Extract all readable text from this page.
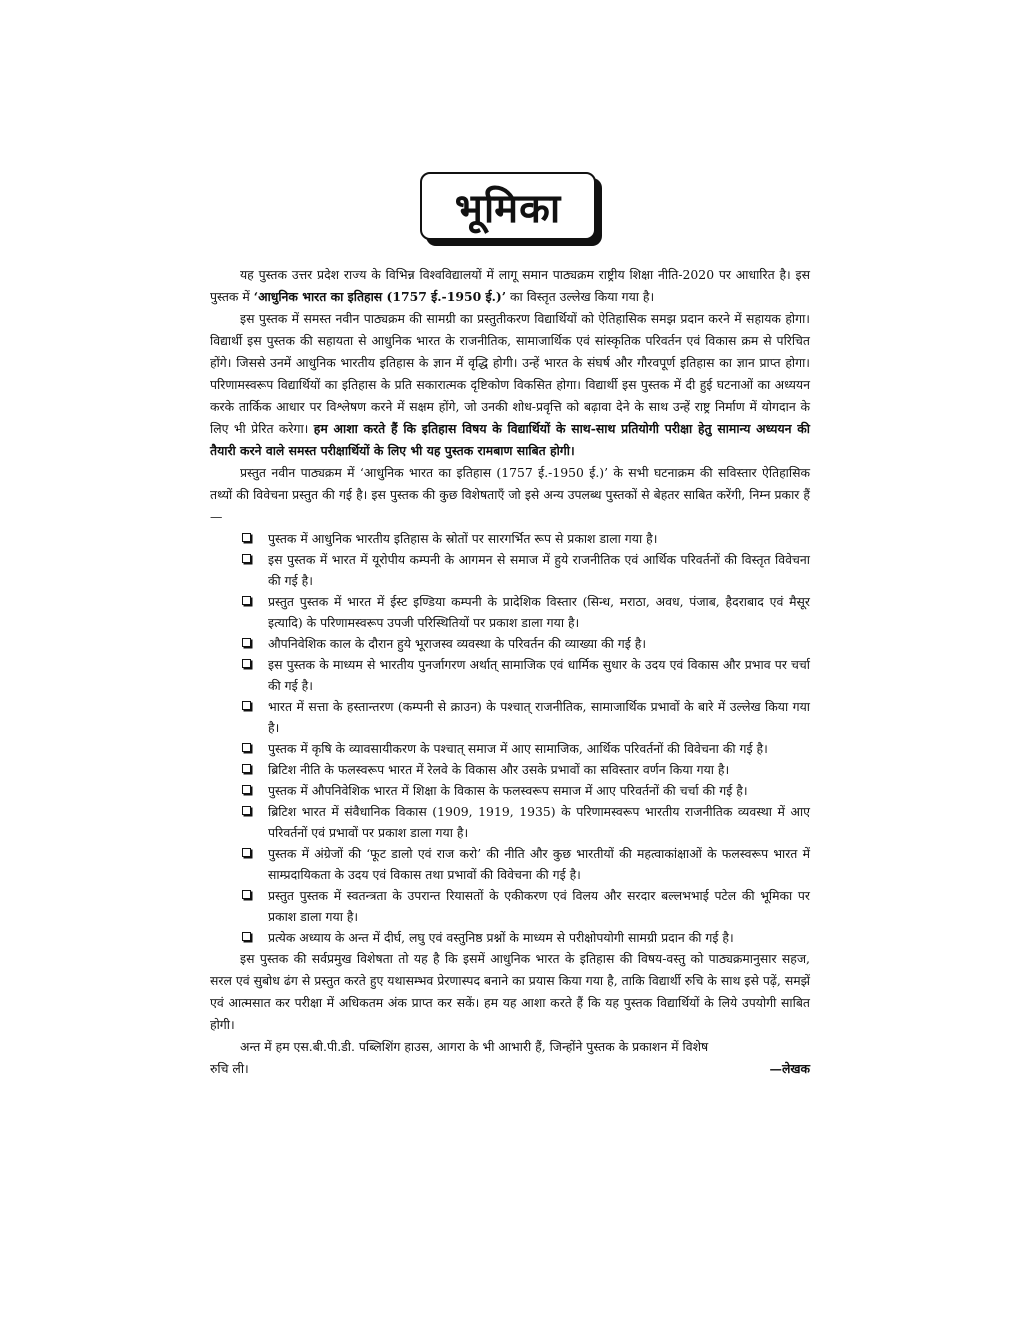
भूमिका

यह पुस्तक उत्तर प्रदेश राज्य के विभिन्न विश्वविद्यालयों में लागू समान पाठ्यक्रम राष्ट्रीय शिक्षा नीति-2020 पर आधारित है। इस पुस्तक में ‘आधुनिक भारत का इतिहास (1757 ई.-1950 ई.)’ का विस्तृत उल्लेख किया गया है।

इस पुस्तक में समस्त नवीन पाठ्यक्रम की सामग्री का प्रस्तुतीकरण विद्यार्थियों को ऐतिहासिक समझ प्रदान करने में सहायक होगा। विद्यार्थी इस पुस्तक की सहायता से आधुनिक भारत के राजनीतिक, सामाजार्थिक एवं सांस्कृतिक परिवर्तन एवं विकास क्रम से परिचित होंगे। जिससे उनमें आधुनिक भारतीय इतिहास के ज्ञान में वृद्धि होगी। उन्हें भारत के संघर्ष और गौरवपूर्ण इतिहास का ज्ञान प्राप्त होगा। परिणामस्वरूप विद्यार्थियों का इतिहास के प्रति सकारात्मक दृष्टिकोण विकसित होगा। विद्यार्थी इस पुस्तक में दी हुई घटनाओं का अध्ययन करके तार्किक आधार पर विश्लेषण करने में सक्षम होंगे, जो उनकी शोध-प्रवृत्ति को बढ़ावा देने के साथ उन्हें राष्ट्र निर्माण में योगदान के लिए भी प्रेरित करेगा। हम आशा करते हैं कि इतिहास विषय के विद्यार्थियों के साथ-साथ प्रतियोगी परीक्षा हेतु सामान्य अध्ययन की तैयारी करने वाले समस्त परीक्षार्थियों के लिए भी यह पुस्तक रामबाण साबित होगी।

प्रस्तुत नवीन पाठ्यक्रम में ‘आधुनिक भारत का इतिहास (1757 ई.-1950 ई.)’ के सभी घटनाक्रम की सविस्तार ऐतिहासिक तथ्यों की विवेचना प्रस्तुत की गई है। इस पुस्तक की कुछ विशेषताएँ जो इसे अन्य उपलब्ध पुस्तकों से बेहतर साबित करेंगी, निम्न प्रकार हैं—

पुस्तक में आधुनिक भारतीय इतिहास के स्रोतों पर सारगर्भित रूप से प्रकाश डाला गया है।
इस पुस्तक में भारत में यूरोपीय कम्पनी के आगमन से समाज में हुये राजनीतिक एवं आर्थिक परिवर्तनों की विस्तृत विवेचना की गई है।
प्रस्तुत पुस्तक में भारत में ईस्ट इण्डिया कम्पनी के प्रादेशिक विस्तार (सिन्ध, मराठा, अवध, पंजाब, हैदराबाद एवं मैसूर इत्यादि) के परिणामस्वरूप उपजी परिस्थितियों पर प्रकाश डाला गया है।
औपनिवेशिक काल के दौरान हुये भूराजस्व व्यवस्था के परिवर्तन की व्याख्या की गई है।
इस पुस्तक के माध्यम से भारतीय पुनर्जागरण अर्थात् सामाजिक एवं धार्मिक सुधार के उदय एवं विकास और प्रभाव पर चर्चा की गई है।
भारत में सत्ता के हस्तान्तरण (कम्पनी से क्राउन) के पश्चात् राजनीतिक, सामाजार्थिक प्रभावों के बारे में उल्लेख किया गया है।
पुस्तक में कृषि के व्यावसायीकरण के पश्चात् समाज में आए सामाजिक, आर्थिक परिवर्तनों की विवेचना की गई है।
ब्रिटिश नीति के फलस्वरूप भारत में रेलवे के विकास और उसके प्रभावों का सविस्तार वर्णन किया गया है।
पुस्तक में औपनिवेशिक भारत में शिक्षा के विकास के फलस्वरूप समाज में आए परिवर्तनों की चर्चा की गई है।
ब्रिटिश भारत में संवैधानिक विकास (1909, 1919, 1935) के परिणामस्वरूप भारतीय राजनीतिक व्यवस्था में आए परिवर्तनों एवं प्रभावों पर प्रकाश डाला गया है।
पुस्तक में अंग्रेजों की ‘फूट डालो एवं राज करो’ की नीति और कुछ भारतीयों की महत्वाकांक्षाओं के फलस्वरूप भारत में साम्प्रदायिकता के उदय एवं विकास तथा प्रभावों की विवेचना की गई है।
प्रस्तुत पुस्तक में स्वतन्त्रता के उपरान्त रियासतों के एकीकरण एवं विलय और सरदार बल्लभभाई पटेल की भूमिका पर प्रकाश डाला गया है।
प्रत्येक अध्याय के अन्त में दीर्घ, लघु एवं वस्तुनिष्ठ प्रश्नों के माध्यम से परीक्षोपयोगी सामग्री प्रदान की गई है।

इस पुस्तक की सर्वप्रमुख विशेषता तो यह है कि इसमें आधुनिक भारत के इतिहास की विषय-वस्तु को पाठ्यक्रमानुसार सहज, सरल एवं सुबोध ढंग से प्रस्तुत करते हुए यथासम्भव प्रेरणास्पद बनाने का प्रयास किया गया है, ताकि विद्यार्थी रुचि के साथ इसे पढ़ें, समझें एवं आत्मसात कर परीक्षा में अधिकतम अंक प्राप्त कर सकें। हम यह आशा करते हैं कि यह पुस्तक विद्यार्थियों के लिये उपयोगी साबित होगी।

अन्त में हम एस.बी.पी.डी. पब्लिशिंग हाउस, आगरा के भी आभारी हैं, जिन्होंने पुस्तक के प्रकाशन में विशेष

रुचि ली।	—लेखक
